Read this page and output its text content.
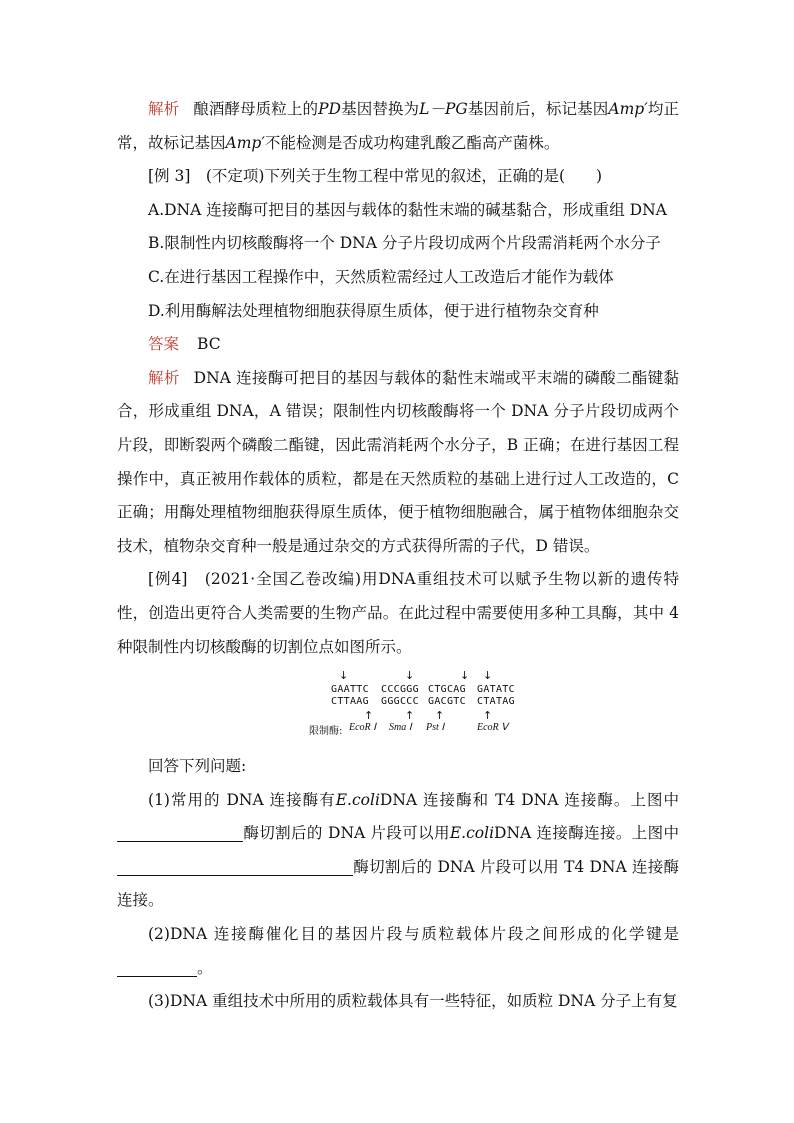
解析 酿酒酵母质粒上的PD基因替换为L－PG基因前后，标记基因Amp′均正常，故标记基因Amp′不能检测是否成功构建乳酸乙酯高产菌株。

[例 3]　(不定项)下列关于生物工程中常见的叙述，正确的是(　　)

A.DNA 连接酶可把目的基因与载体的黏性末端的碱基黏合，形成重组 DNA

B.限制性内切核酸酶将一个 DNA 分子片段切成两个片段需消耗两个水分子

C.在进行基因工程操作中，天然质粒需经过人工改造后才能作为载体

D.利用酶解法处理植物细胞获得原生质体，便于进行植物杂交育种

答案 BC

解析 DNA 连接酶可把目的基因与载体的黏性末端或平末端的磷酸二酯键黏合，形成重组 DNA，A 错误；限制性内切核酸酶将一个 DNA 分子片段切成两个片段，即断裂两个磷酸二酯键，因此需消耗两个水分子，B 正确；在进行基因工程操作中，真正被用作载体的质粒，都是在天然质粒的基础上进行过人工改造的，C 正确；用酶处理植物细胞获得原生质体，便于植物细胞融合，属于植物体细胞杂交技术，植物杂交育种一般是通过杂交的方式获得所需的子代，D 错误。

[例4]　(2021·全国乙卷改编)用DNA重组技术可以赋予生物以新的遗传特性，创造出更符合人类需要的生物产品。在此过程中需要使用多种工具酶，其中 4 种限制性内切核酸酶的切割位点如图所示。

↓	↓	↓ ↓
GAATTC CCCGGG CTGCAG GATATC
CTTAAG GGGCCC GACGTC CTATAG
↑	↑ ↑	↑
限制酶: EcoR Ⅰ Sma Ⅰ Pst Ⅰ	EcoR Ⅴ

回答下列问题:

(1)常用的 DNA 连接酶有E.coliDNA 连接酶和 T4 DNA 连接酶。上图中酶切割后的 DNA 片段可以用E.coliDNA 连接酶连接。上图中酶切割后的 DNA 片段可以用 T4 DNA 连接酶连接。

(2)DNA 连接酶催化目的基因片段与质粒载体片段之间形成的化学键是。

(3)DNA 重组技术中所用的质粒载体具有一些特征，如质粒 DNA 分子上有复
